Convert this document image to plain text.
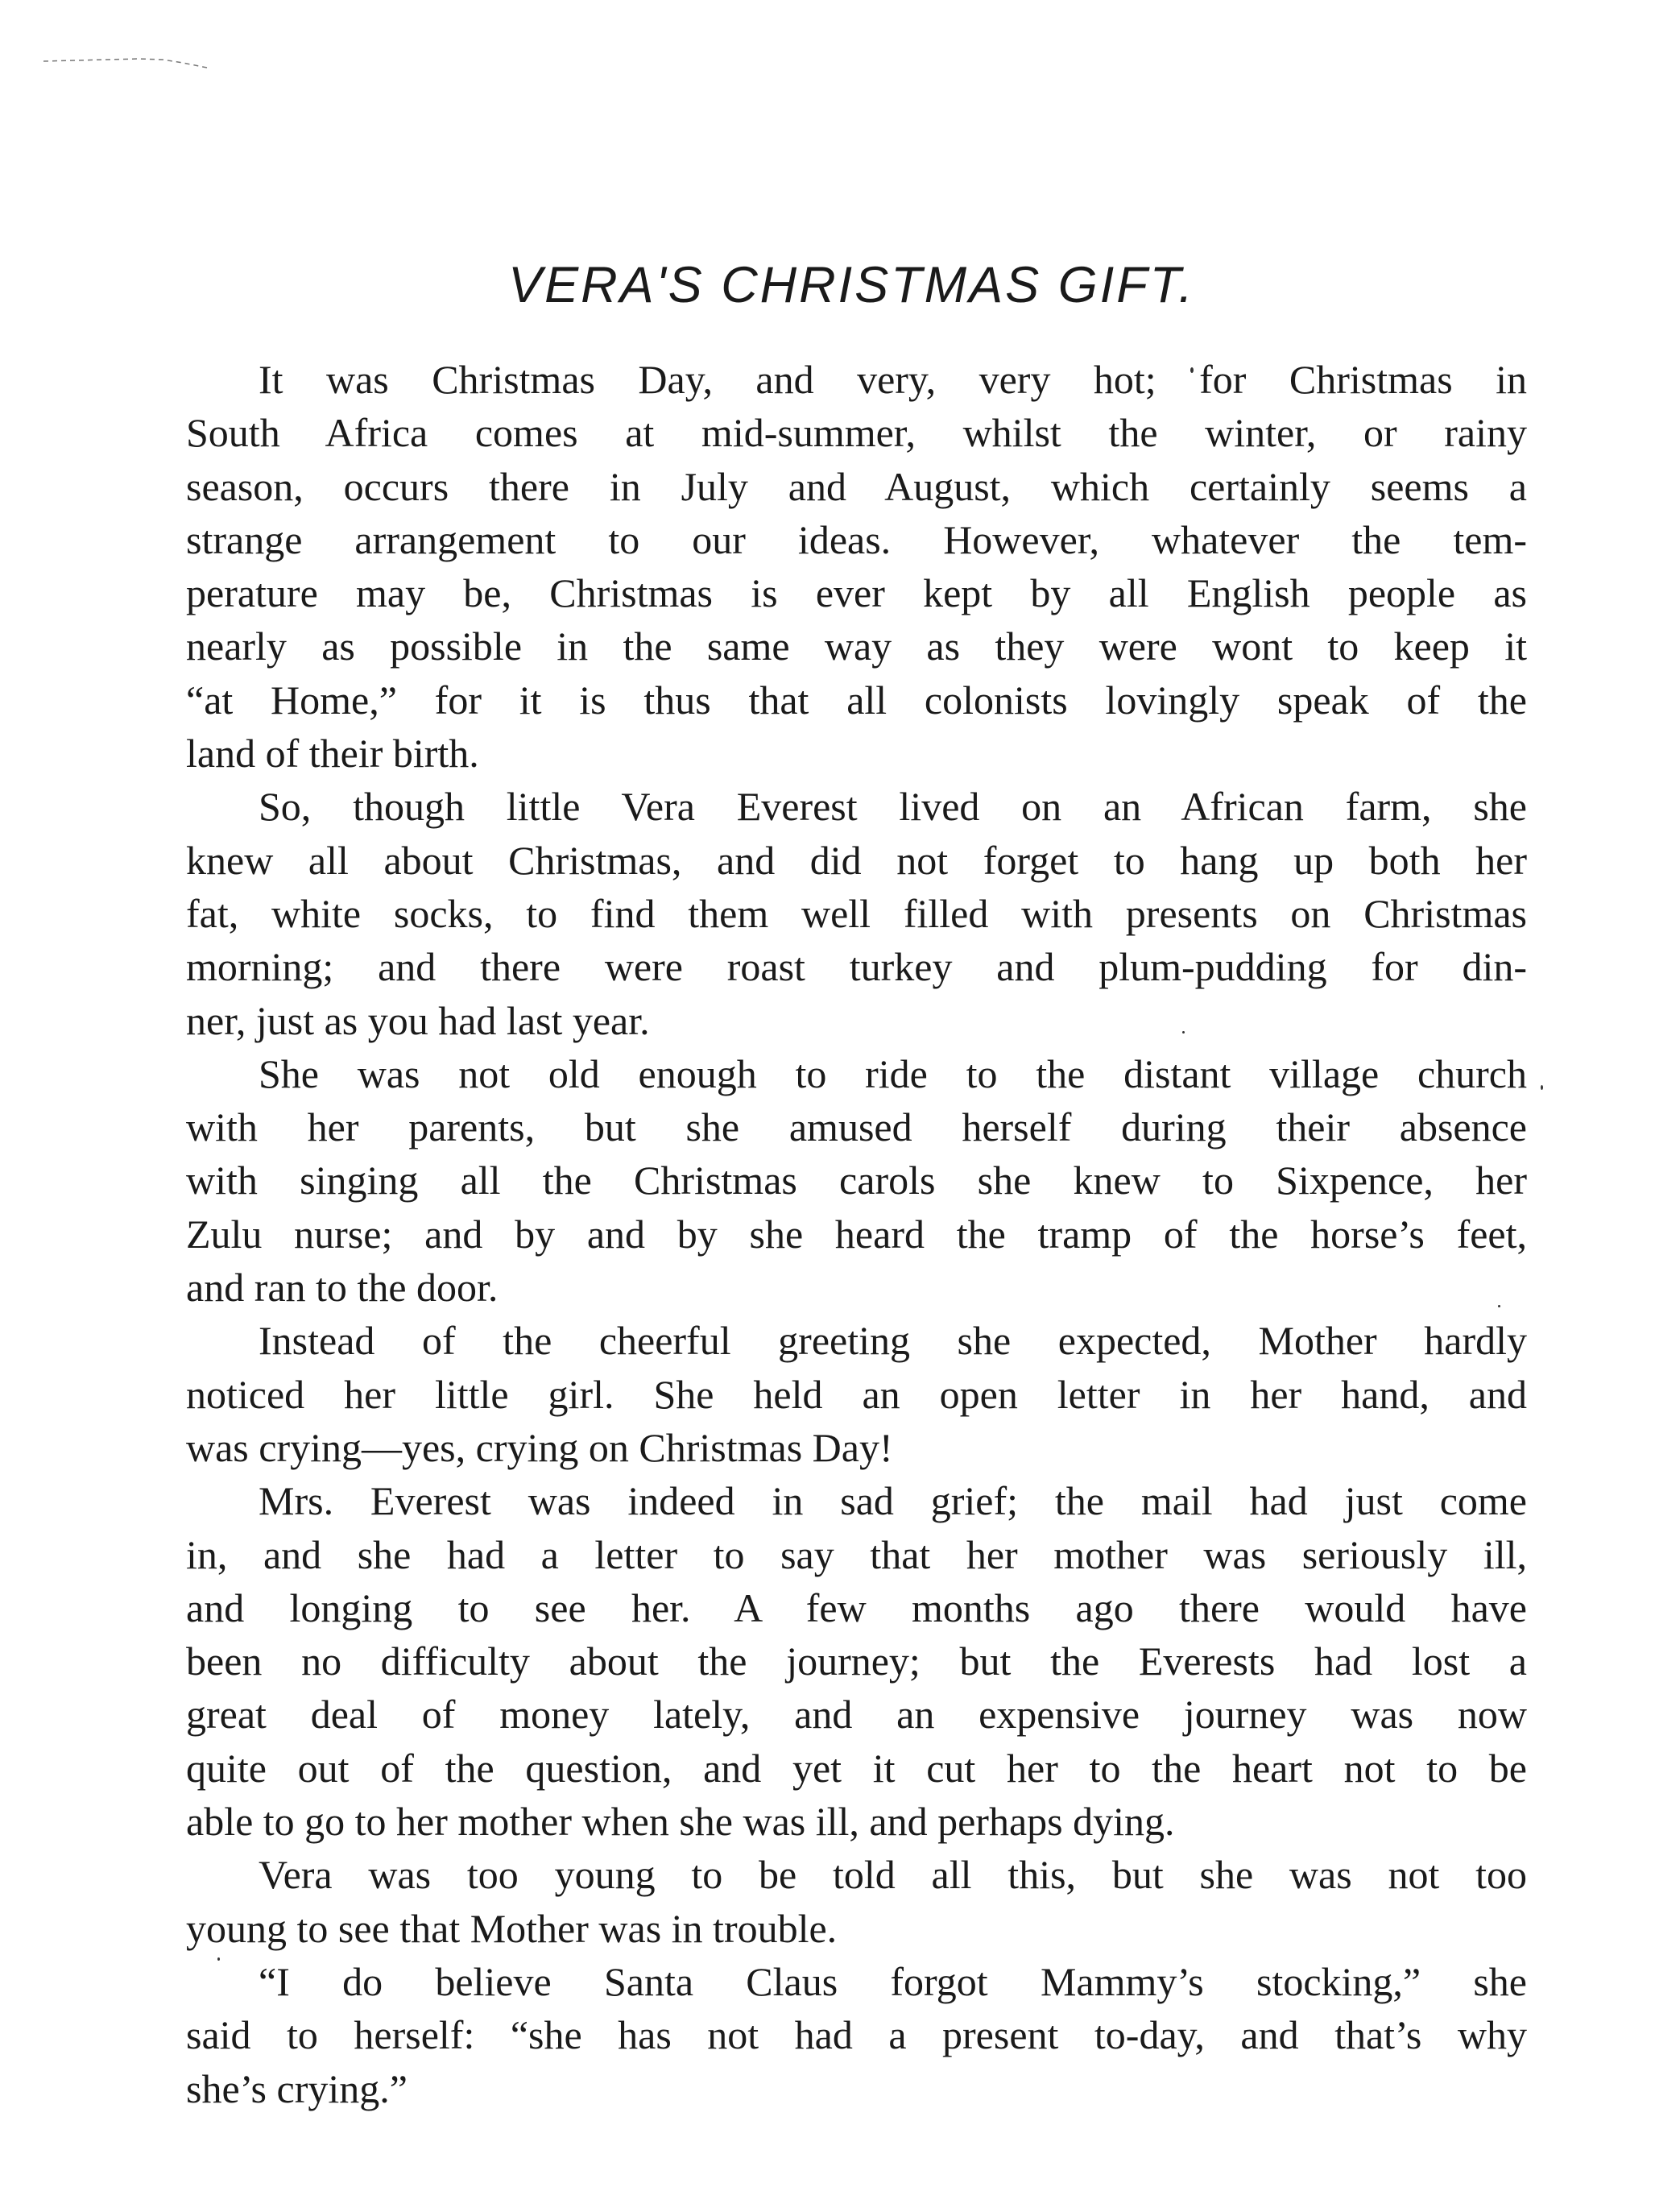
VERA'S CHRISTMAS GIFT.
It was Christmas Day, and very, very hot; for Christmas in
South Africa comes at mid-summer, whilst the winter, or rainy
season, occurs there in July and August, which certainly seems a
strange arrangement to our ideas. However, whatever the tem-
perature may be, Christmas is ever kept by all English people as
nearly as possible in the same way as they were wont to keep it
“at Home,” for it is thus that all colonists lovingly speak of the
land of their birth.
So, though little Vera Everest lived on an African farm, she
knew all about Christmas, and did not forget to hang up both her
fat, white socks, to find them well filled with presents on Christmas
morning; and there were roast turkey and plum-pudding for din-
ner, just as you had last year.
She was not old enough to ride to the distant village church
with her parents, but she amused herself during their absence
with singing all the Christmas carols she knew to Sixpence, her
Zulu nurse; and by and by she heard the tramp of the horse’s feet,
and ran to the door.
Instead of the cheerful greeting she expected, Mother hardly
noticed her little girl. She held an open letter in her hand, and
was crying—yes, crying on Christmas Day!
Mrs. Everest was indeed in sad grief; the mail had just come
in, and she had a letter to say that her mother was seriously ill,
and longing to see her. A few months ago there would have
been no difficulty about the journey; but the Everests had lost a
great deal of money lately, and an expensive journey was now
quite out of the question, and yet it cut her to the heart not to be
able to go to her mother when she was ill, and perhaps dying.
Vera was too young to be told all this, but she was not too
young to see that Mother was in trouble.
“I do believe Santa Claus forgot Mammy’s stocking,” she
said to herself: “she has not had a present to-day, and that’s why
she’s crying.”
